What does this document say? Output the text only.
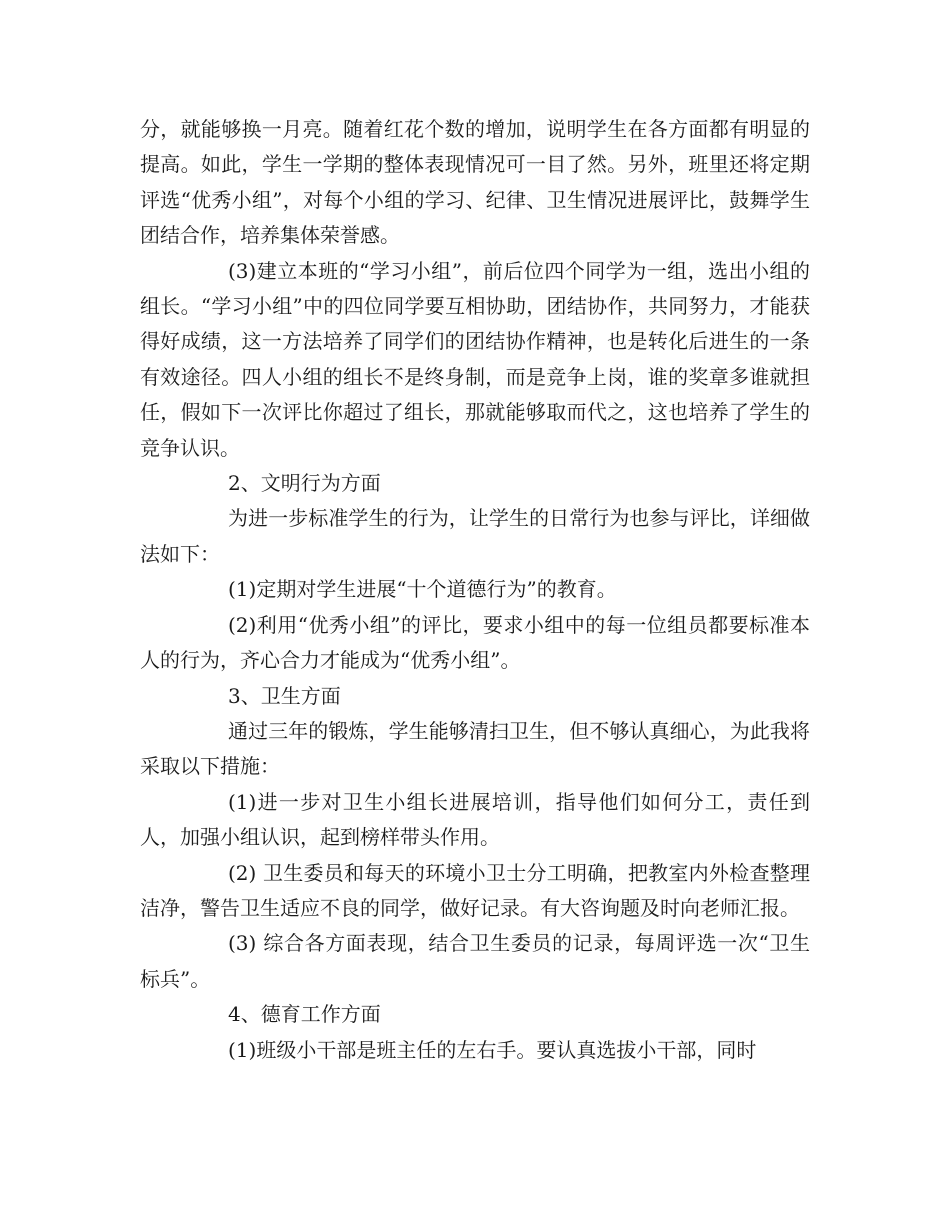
分，就能够换一月亮。随着红花个数的增加，说明学生在各方面都有明显的提高。如此，学生一学期的整体表现情况可一目了然。另外，班里还将定期评选“优秀小组”，对每个小组的学习、纪律、卫生情况进展评比，鼓舞学生团结合作，培养集体荣誉感。

(3)建立本班的“学习小组”，前后位四个同学为一组，选出小组的组长。“学习小组”中的四位同学要互相协助，团结协作，共同努力，才能获得好成绩，这一方法培养了同学们的团结协作精神，也是转化后进生的一条有效途径。四人小组的组长不是终身制，而是竞争上岗，谁的奖章多谁就担任，假如下一次评比你超过了组长，那就能够取而代之，这也培养了学生的竞争认识。

2、文明行为方面

为进一步标准学生的行为，让学生的日常行为也参与评比，详细做法如下：

(1)定期对学生进展“十个道德行为”的教育。

(2)利用“优秀小组”的评比，要求小组中的每一位组员都要标准本人的行为，齐心合力才能成为“优秀小组”。

3、卫生方面

通过三年的锻炼，学生能够清扫卫生，但不够认真细心，为此我将采取以下措施：

(1)进一步对卫生小组长进展培训，指导他们如何分工，责任到人，加强小组认识，起到榜样带头作用。

(2) 卫生委员和每天的环境小卫士分工明确，把教室内外检查整理洁净，警告卫生适应不良的同学，做好记录。有大咨询题及时向老师汇报。

(3) 综合各方面表现，结合卫生委员的记录，每周评选一次“卫生标兵”。

4、德育工作方面

(1)班级小干部是班主任的左右手。要认真选拔小干部，同时
